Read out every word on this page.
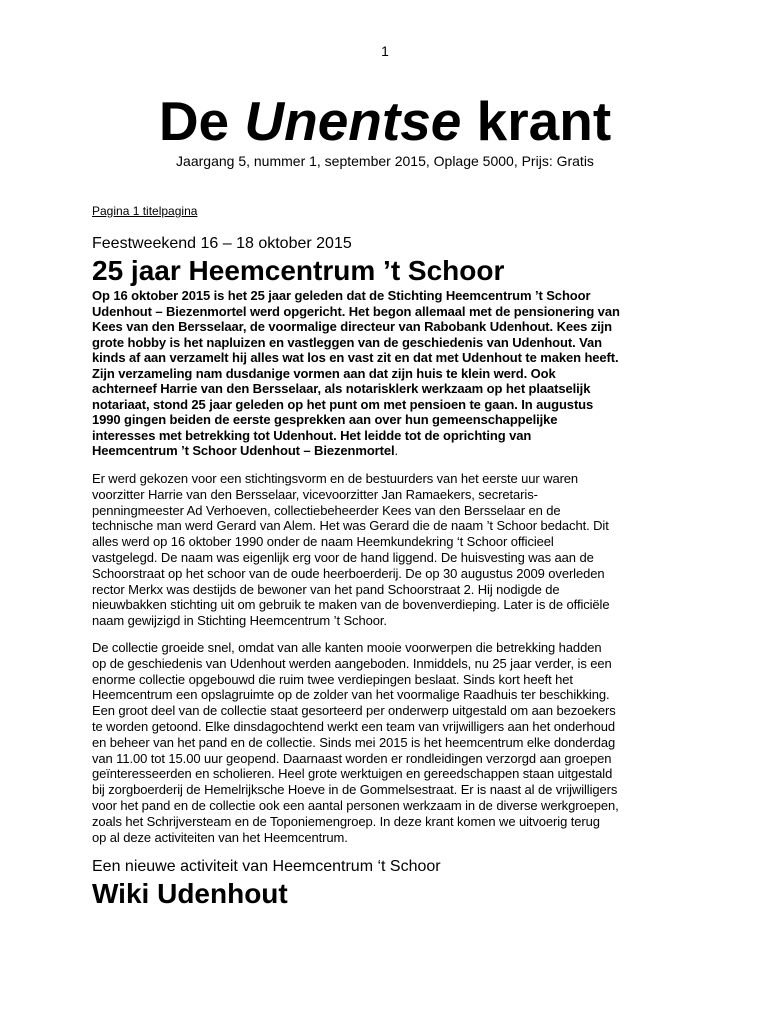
1
De Unentse krant
Jaargang 5, nummer 1, september 2015, Oplage 5000, Prijs: Gratis
Pagina 1 titelpagina
Feestweekend 16 – 18 oktober 2015
25 jaar Heemcentrum ’t Schoor
Op 16 oktober 2015 is het 25 jaar geleden dat de Stichting Heemcentrum ’t Schoor
Udenhout – Biezenmortel werd opgericht. Het begon allemaal met de pensionering van
Kees van den Bersselaar, de voormalige directeur van Rabobank Udenhout. Kees zijn
grote hobby is het napluizen en vastleggen van de geschiedenis van Udenhout. Van
kinds af aan verzamelt hij alles wat los en vast zit en dat met Udenhout te maken heeft.
Zijn verzameling nam dusdanige vormen aan dat zijn huis te klein werd. Ook
achterneef Harrie van den Bersselaar, als notarisklerk werkzaam op het plaatselijk
notariaat, stond 25 jaar geleden op het punt om met pensioen te gaan. In augustus
1990 gingen beiden de eerste gesprekken aan over hun gemeenschappelijke
interesses met betrekking tot Udenhout. Het leidde tot de oprichting van
Heemcentrum ’t Schoor Udenhout – Biezenmortel.
Er werd gekozen voor een stichtingsvorm en de bestuurders van het eerste uur waren
voorzitter Harrie van den Bersselaar, vicevoorzitter Jan Ramaekers, secretaris-
penningmeester Ad Verhoeven, collectiebeheerder Kees van den Bersselaar en de
technische man werd Gerard van Alem. Het was Gerard die de naam ’t Schoor bedacht. Dit
alles werd op 16 oktober 1990 onder de naam Heemkundekring ‘t Schoor officieel
vastgelegd. De naam was eigenlijk erg voor de hand liggend. De huisvesting was aan de
Schoorstraat op het schoor van de oude heerboerderij. De op 30 augustus 2009 overleden
rector Merkx was destijds de bewoner van het pand Schoorstraat 2. Hij nodigde de
nieuwbakken stichting uit om gebruik te maken van de bovenverdieping. Later is de officiële
naam gewijzigd in Stichting Heemcentrum ’t Schoor.
De collectie groeide snel, omdat van alle kanten mooie voorwerpen die betrekking hadden
op de geschiedenis van Udenhout werden aangeboden. Inmiddels, nu 25 jaar verder, is een
enorme collectie opgebouwd die ruim twee verdiepingen beslaat. Sinds kort heeft het
Heemcentrum een opslagruimte op de zolder van het voormalige Raadhuis ter beschikking.
Een groot deel van de collectie staat gesorteerd per onderwerp uitgestald om aan bezoekers
te worden getoond. Elke dinsdagochtend werkt een team van vrijwilligers aan het onderhoud
en beheer van het pand en de collectie. Sinds mei 2015 is het heemcentrum elke donderdag
van 11.00 tot 15.00 uur geopend. Daarnaast worden er rondleidingen verzorgd aan groepen
geïnteresseerden en scholieren. Heel grote werktuigen en gereedschappen staan uitgestald
bij zorgboerderij de Hemelrijksche Hoeve in de Gommelsestraat. Er is naast al de vrijwilligers
voor het pand en de collectie ook een aantal personen werkzaam in de diverse werkgroepen,
zoals het Schrijversteam en de Toponiemengroep. In deze krant komen we uitvoerig terug
op al deze activiteiten van het Heemcentrum.
Een nieuwe activiteit van Heemcentrum ‘t Schoor
Wiki Udenhout
